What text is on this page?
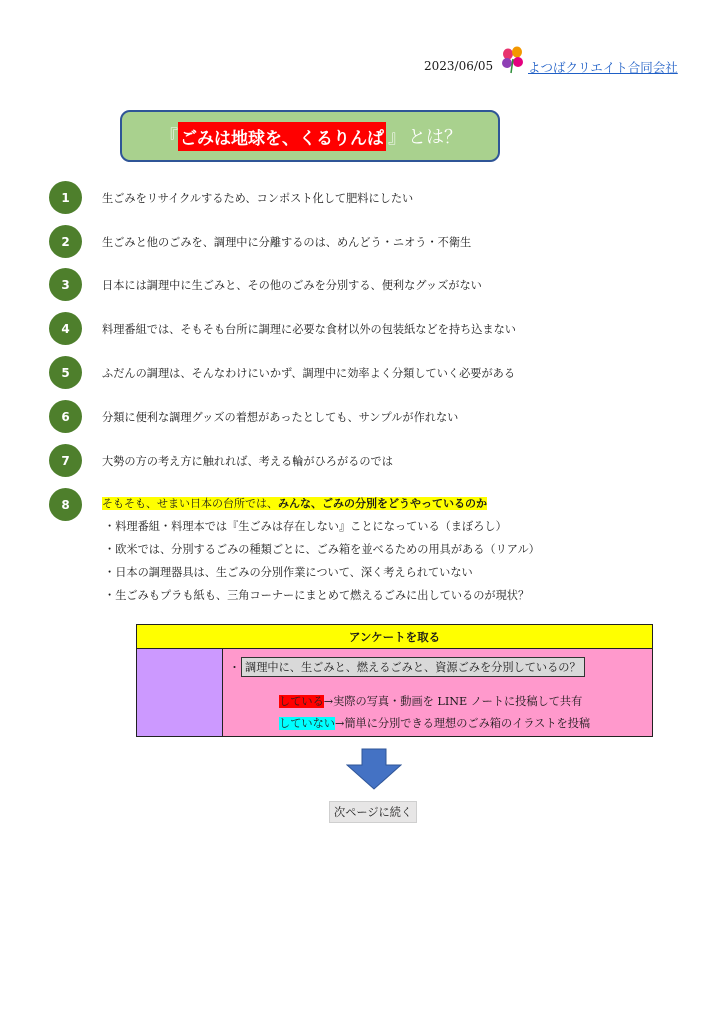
2023/06/05	よつばクリエイト合同会社
『 ごみは地球を、くるりんぱ 』 とは？
1	生ごみをリサイクルするため、コンポスト化して肥料にしたい
2	生ごみと他のごみを、調理中に分離するのは、めんどう・ニオう・不衛生
3	日本には調理中に生ごみと、その他のごみを分別する、便利なグッズがない
4	料理番組では、そもそも台所に調理に必要な食材以外の包装紙などを持ち込まない
5	ふだんの調理は、そんなわけにいかず、調理中に効率よく分類していく必要がある
6	分類に便利な調理グッズの着想があったとしても、サンプルが作れない
7	大勢の方の考え方に触れれば、考える輪がひろがるのでは
8	そもそも、せまい日本の台所では、みんな、ごみの分別をどうやっているのか
・料理番組・料理本では『生ごみは存在しない』ことになっている（まぼろし）
・欧米では、分別するごみの種類ごとに、ごみ箱を並べるための用具がある（リアル）
・日本の調理器具は、生ごみの分別作業について、深く考えられていない
・生ごみもプラも紙も、三角コーナーにまとめて燃えるごみに出しているのが現状？
アンケートを取る
・ 調理中に、生ごみと、燃えるごみと、資源ごみを分別しているの？
している→実際の写真・動画を LINE ノートに投稿して共有
していない→簡単に分別できる理想のごみ箱のイラストを投稿
次ページに続く
